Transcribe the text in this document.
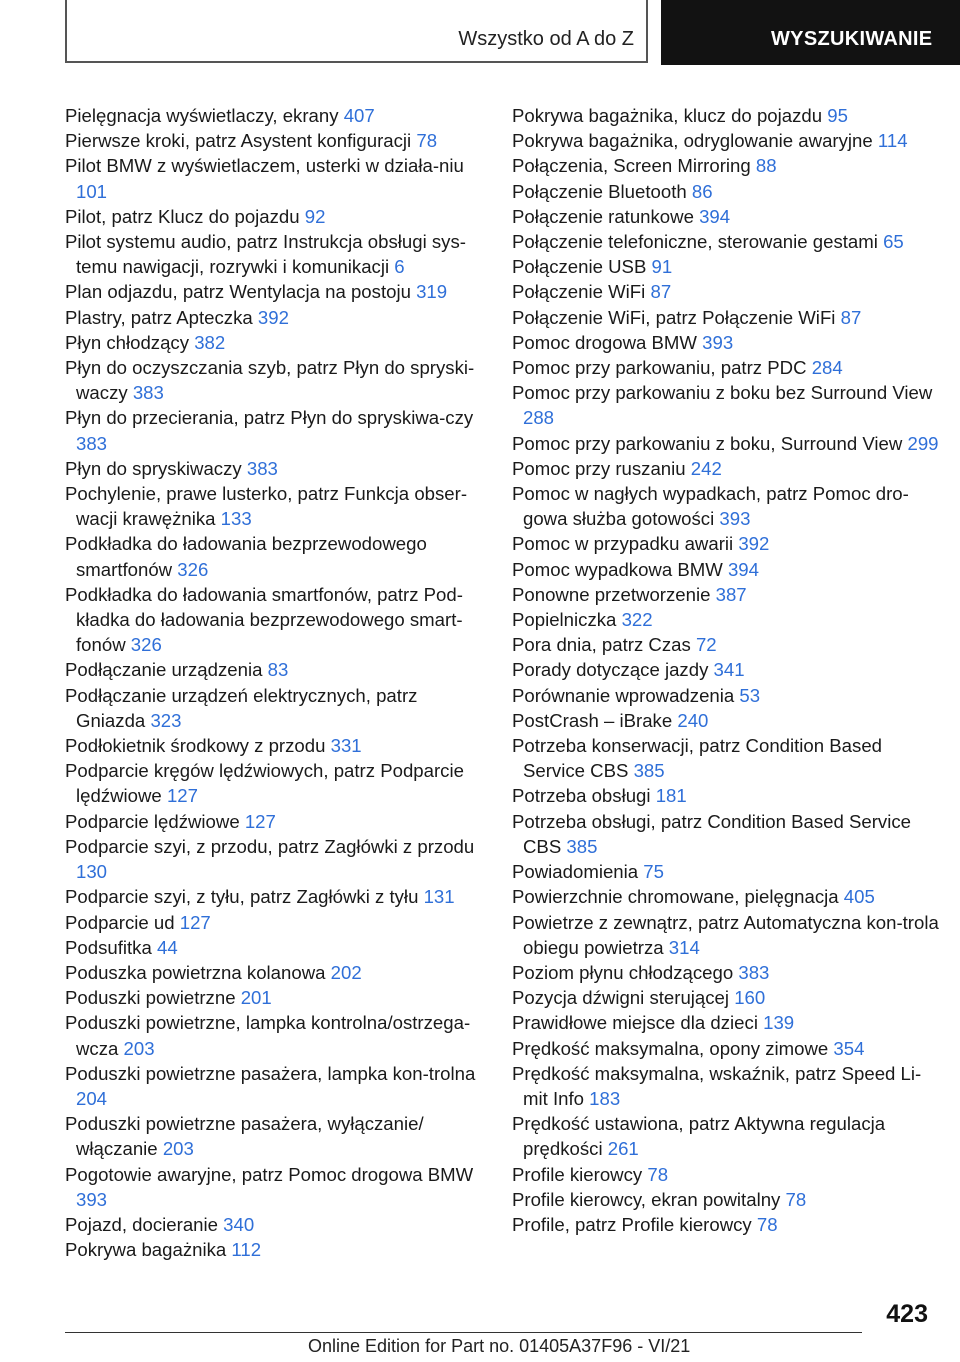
Wszystko od A do Z	WYSZUKIWANIE
Pielęgnacja wyświetlaczy, ekrany 407
Pierwsze kroki, patrz Asystent konfiguracji 78
Pilot BMW z wyświetlaczem, usterki w działa‐niu 101
Pilot, patrz Klucz do pojazdu 92
Pilot systemu audio, patrz Instrukcja obsługi sys‐temu nawigacji, rozrywki i komunikacji 6
Plan odjazdu, patrz Wentylacja na postoju 319
Plastry, patrz Apteczka 392
Płyn chłodzący 382
Płyn do oczyszczania szyb, patrz Płyn do spryski‐waczy 383
Płyn do przecierania, patrz Płyn do spryskiwa‐czy 383
Płyn do spryskiwaczy 383
Pochylenie, prawe lusterko, patrz Funkcja obser‐wacji krawężnika 133
Podkładka do ładowania bezprzewodowego smartfonów 326
Podkładka do ładowania smartfonów, patrz Pod‐kładka do ładowania bezprzewodowego smart‐fonów 326
Podłączanie urządzenia 83
Podłączanie urządzeń elektrycznych, patrz Gniazda 323
Podłokietnik środkowy z przodu 331
Podparcie kręgów lędźwiowych, patrz Podparcie lędźwiowe 127
Podparcie lędźwiowe 127
Podparcie szyi, z przodu, patrz Zagłówki z przodu 130
Podparcie szyi, z tyłu, patrz Zagłówki z tyłu 131
Podparcie ud 127
Podsufitka 44
Poduszka powietrzna kolanowa 202
Poduszki powietrzne 201
Poduszki powietrzne, lampka kontrolna/ostrzega‐wcza 203
Poduszki powietrzne pasażera, lampka kon‐trolna 204
Poduszki powietrzne pasażera, wyłączanie/ włączanie 203
Pogotowie awaryjne, patrz Pomoc drogowa BMW 393
Pojazd, docieranie 340
Pokrywa bagażnika 112
Pokrywa bagażnika, klucz do pojazdu 95
Pokrywa bagażnika, odryglowanie awaryjne 114
Połączenia, Screen Mirroring 88
Połączenie Bluetooth 86
Połączenie ratunkowe 394
Połączenie telefoniczne, sterowanie gestami 65
Połączenie USB 91
Połączenie WiFi 87
Połączenie WiFi, patrz Połączenie WiFi 87
Pomoc drogowa BMW 393
Pomoc przy parkowaniu, patrz PDC 284
Pomoc przy parkowaniu z boku bez Surround View 288
Pomoc przy parkowaniu z boku, Surround View 299
Pomoc przy ruszaniu 242
Pomoc w nagłych wypadkach, patrz Pomoc dro‐gowa służba gotowości 393
Pomoc w przypadku awarii 392
Pomoc wypadkowa BMW 394
Ponowne przetworzenie 387
Popielniczka 322
Pora dnia, patrz Czas 72
Porady dotyczące jazdy 341
Porównanie wprowadzenia 53
PostCrash – iBrake 240
Potrzeba konserwacji, patrz Condition Based Service CBS 385
Potrzeba obsługi 181
Potrzeba obsługi, patrz Condition Based Service CBS 385
Powiadomienia 75
Powierzchnie chromowane, pielęgnacja 405
Powietrze z zewnątrz, patrz Automatyczna kon‐trola obiegu powietrza 314
Poziom płynu chłodzącego 383
Pozycja dźwigni sterującej 160
Prawidłowe miejsce dla dzieci 139
Prędkość maksymalna, opony zimowe 354
Prędkość maksymalna, wskaźnik, patrz Speed Li‐mit Info 183
Prędkość ustawiona, patrz Aktywna regulacja prędkości 261
Profile kierowcy 78
Profile kierowcy, ekran powitalny 78
Profile, patrz Profile kierowcy 78
423
Online Edition for Part no. 01405A37F96 - VI/21
